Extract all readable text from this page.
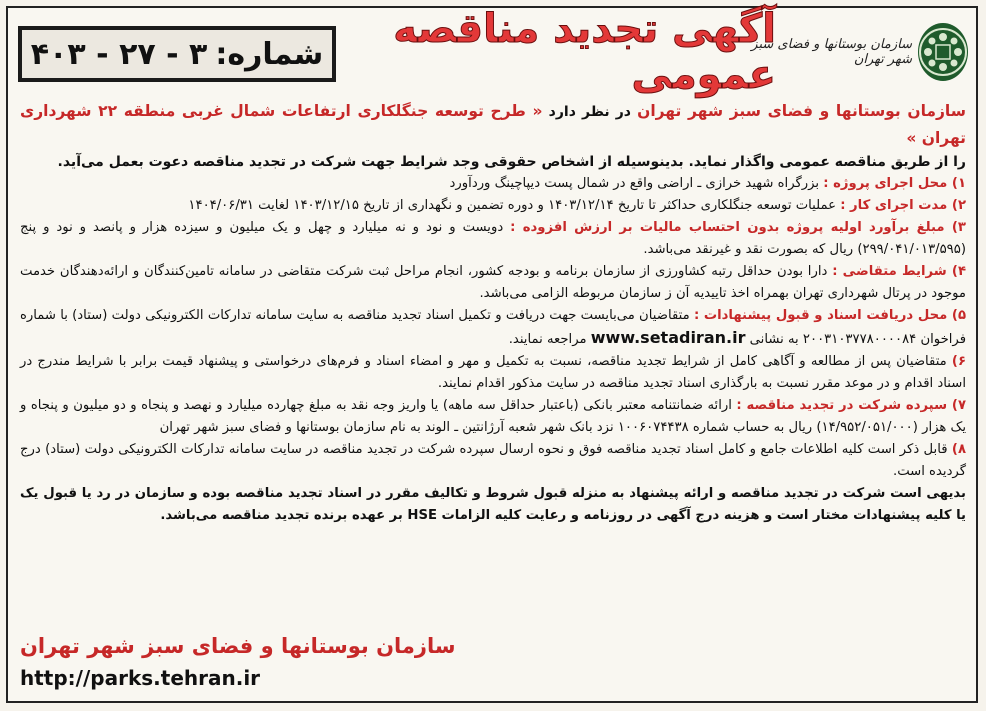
شماره:
۳ - ۲۷ - ۴۰۳
آگهی تجدید مناقصه عمومی
سازمان بوستانها و فضای سبز شهر تهران

سازمان بوستانها و فضای سبز شهر تهران در نظر دارد « طرح توسعه جنگلکاری ارتفاعات شمال غربی منطقه ۲۲ شهرداری تهران »

را از طریق مناقصه عمومی واگذار نماید. بدینوسیله از اشخاص حقوقی وجد شرایط جهت شرکت در تجدید مناقصه دعوت بعمل می‌آید.

۱) محل اجرای پروژه : بزرگراه شهید خرازی ـ اراضی واقع در شمال پست دیپاچینگ وردآورد

۲) مدت اجرای کار : عملیات توسعه جنگلکاری حداکثر تا تاریخ ۱۴۰۳/۱۲/۱۴ و دوره تضمین و نگهداری از تاریخ ۱۴۰۳/۱۲/۱۵ لغایت ۱۴۰۴/۰۶/۳۱

۳) مبلغ برآورد اولیه پروژه بدون احتساب مالیات بر ارزش افزوده : دویست و نود و نه میلیارد و چهل و یک میلیون و سیزده هزار و پانصد و نود و پنج (۲۹۹/۰۴۱/۰۱۳/۵۹۵) ریال که بصورت نقد و غیرنقد می‌باشد.

۴) شرایط متقاضی : دارا بودن حداقل رتبه کشاورزی از سازمان برنامه و بودجه کشور، انجام مراحل ثبت شرکت متقاضی در سامانه تامین‌کنندگان و ارائه‌دهندگان خدمت موجود در پرتال شهرداری تهران بهمراه اخذ تاییدیه آن ز سازمان مربوطه الزامی می‌باشد.

۵) محل دریافت اسناد و قبول پیشنهادات : متقاضیان می‌بایست جهت دریافت و تکمیل اسناد تجدید مناقصه به سایت سامانه تدارکات الکترونیکی دولت (ستاد) با شماره فراخوان ۲۰۰۳۱۰۳۷۷۸۰۰۰۰۸۴ به نشانی www.setadiran.ir مراجعه نمایند.

۶) متقاضیان پس از مطالعه و آگاهی کامل از شرایط تجدید مناقصه، نسبت به تکمیل و مهر و امضاء اسناد و فرم‌های درخواستی و پیشنهاد قیمت برابر با شرایط مندرج در اسناد اقدام و در موعد مقرر نسبت به بارگذاری اسناد تجدید مناقصه در سایت مذکور اقدام نمایند.

۷) سپرده شرکت در تجدید مناقصه : ارائه ضمانتنامه معتبر بانکی (باعتبار حداقل سه ماهه) یا واریز وجه نقد به مبلغ چهارده میلیارد و نهصد و پنجاه و دو میلیون و پنجاه و یک هزار (۱۴/۹۵۲/۰۵۱/۰۰۰) ریال به حساب شماره ۱۰۰۶۰۷۴۴۳۸ نزد بانک شهر شعبه آرژانتین ـ الوند به نام سازمان بوستانها و فضای سبز شهر تهران

۸) قابل ذکر است کلیه اطلاعات جامع و کامل اسناد تجدید مناقصه فوق و نحوه ارسال سپرده شرکت در تجدید مناقصه در سایت سامانه تدارکات الکترونیکی دولت (ستاد) درج گردیده است.

بدیهی است شرکت در تجدید مناقصه و ارائه پیشنهاد به منزله قبول شروط و تکالیف مقرر در اسناد تجدید مناقصه بوده و سازمان در رد یا قبول یک یا کلیه پیشنهادات مختار است و هزینه درج آگهی در روزنامه و رعایت کلیه الزامات HSE بر عهده برنده تجدید مناقصه می‌باشد.

سازمان بوستانها و فضای سبز شهر تهران
http://parks.tehran.ir
